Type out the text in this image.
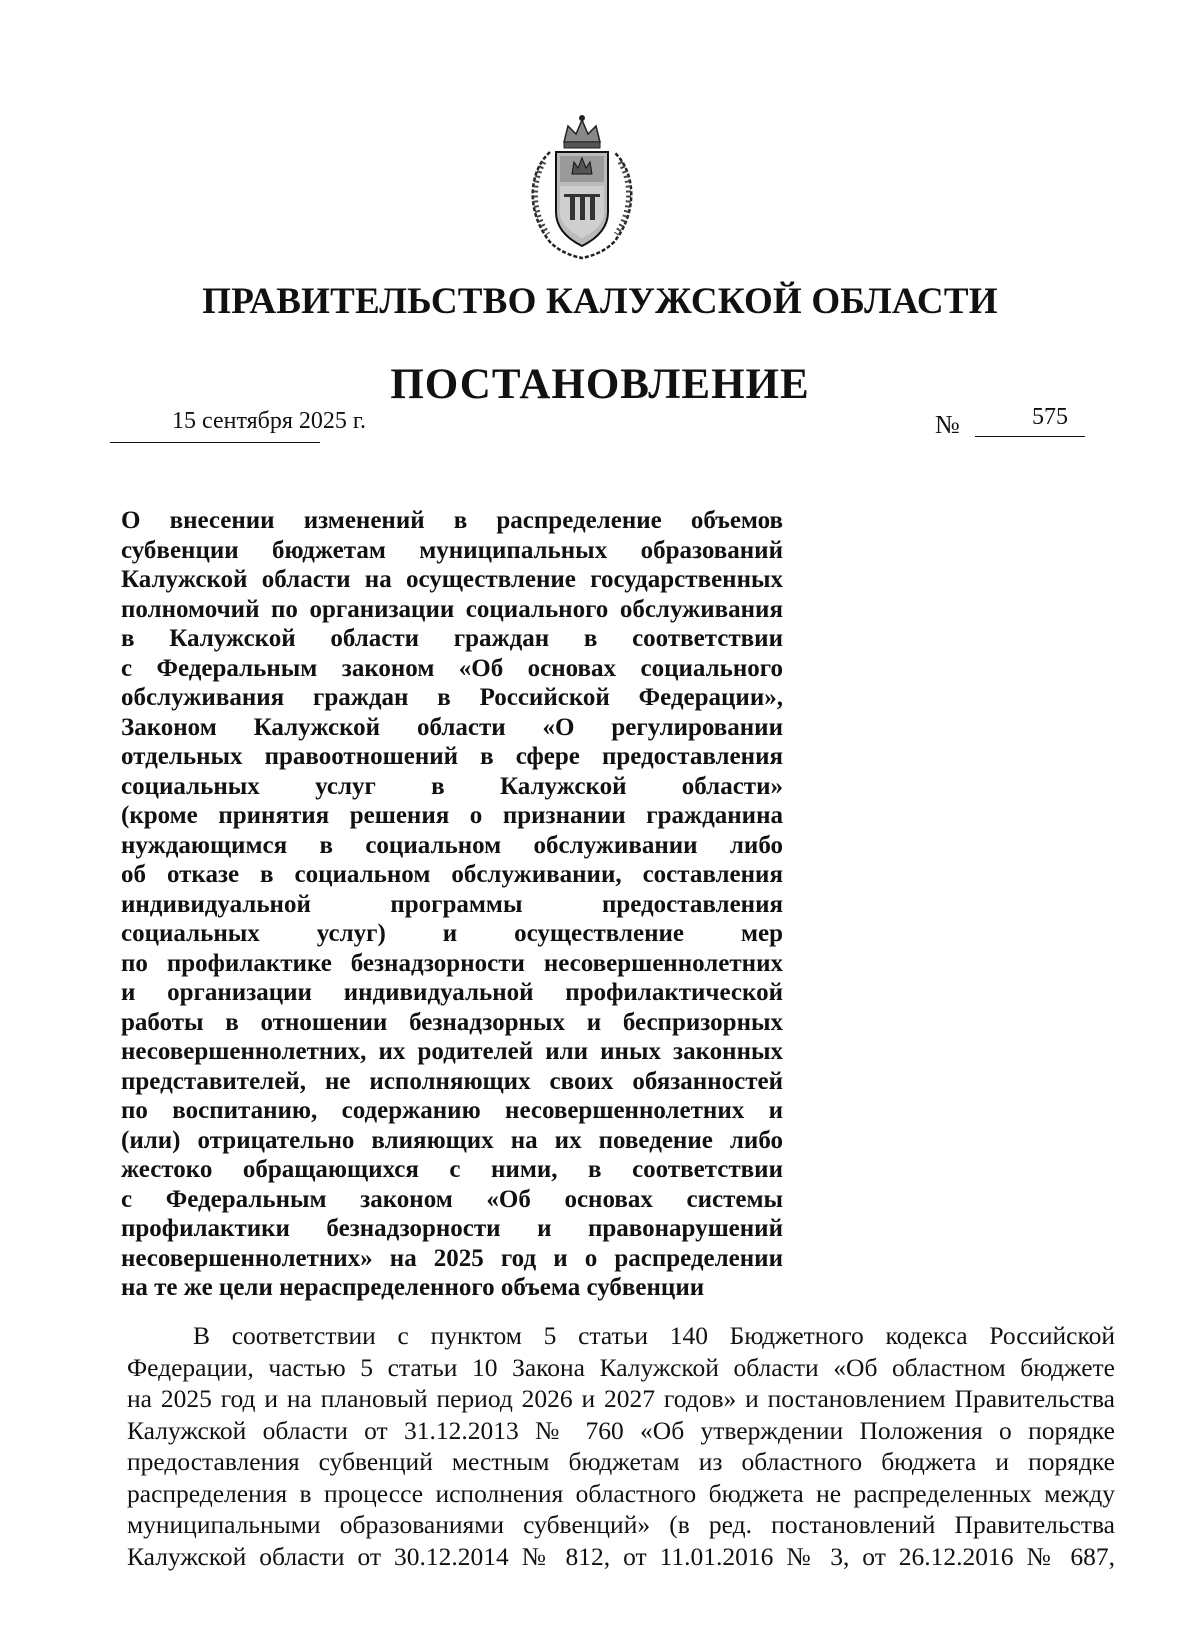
ПРАВИТЕЛЬСТВО КАЛУЖСКОЙ ОБЛАСТИ
ПОСТАНОВЛЕНИЕ
15 сентября 2025 г.	№	575
О внесении изменений в распределение объемов
субвенции бюджетам муниципальных образований
Калужской области на осуществление государственных
полномочий по организации социального обслуживания
в Калужской области граждан в соответствии
с Федеральным законом «Об основах социального
обслуживания граждан в Российской Федерации»,
Законом Калужской области «О регулировании
отдельных правоотношений в сфере предоставления
социальных услуг в Калужской области»
(кроме принятия решения о признании гражданина
нуждающимся в социальном обслуживании либо
об отказе в социальном обслуживании, составления
индивидуальной программы предоставления
социальных услуг) и осуществление мер
по профилактике безнадзорности несовершеннолетних
и организации индивидуальной профилактической
работы в отношении безнадзорных и беспризорных
несовершеннолетних, их родителей или иных законных
представителей, не исполняющих своих обязанностей
по воспитанию, содержанию несовершеннолетних и
(или) отрицательно влияющих на их поведение либо
жестоко обращающихся с ними, в соответствии
с Федеральным законом «Об основах системы
профилактики безнадзорности и правонарушений
несовершеннолетних» на 2025 год и о распределении
на те же цели нераспределенного объема субвенции
В соответствии с пунктом 5 статьи 140 Бюджетного кодекса Российской
Федерации, частью 5 статьи 10 Закона Калужской области «Об областном бюджете
на 2025 год и на плановый период 2026 и 2027 годов» и постановлением Правительства
Калужской области от 31.12.2013 № 760 «Об утверждении Положения о порядке
предоставления субвенций местным бюджетам из областного бюджета и порядке
распределения в процессе исполнения областного бюджета не распределенных между
муниципальными образованиями субвенций» (в ред. постановлений Правительства
Калужской области от 30.12.2014 № 812, от 11.01.2016 № 3, от 26.12.2016 № 687,
